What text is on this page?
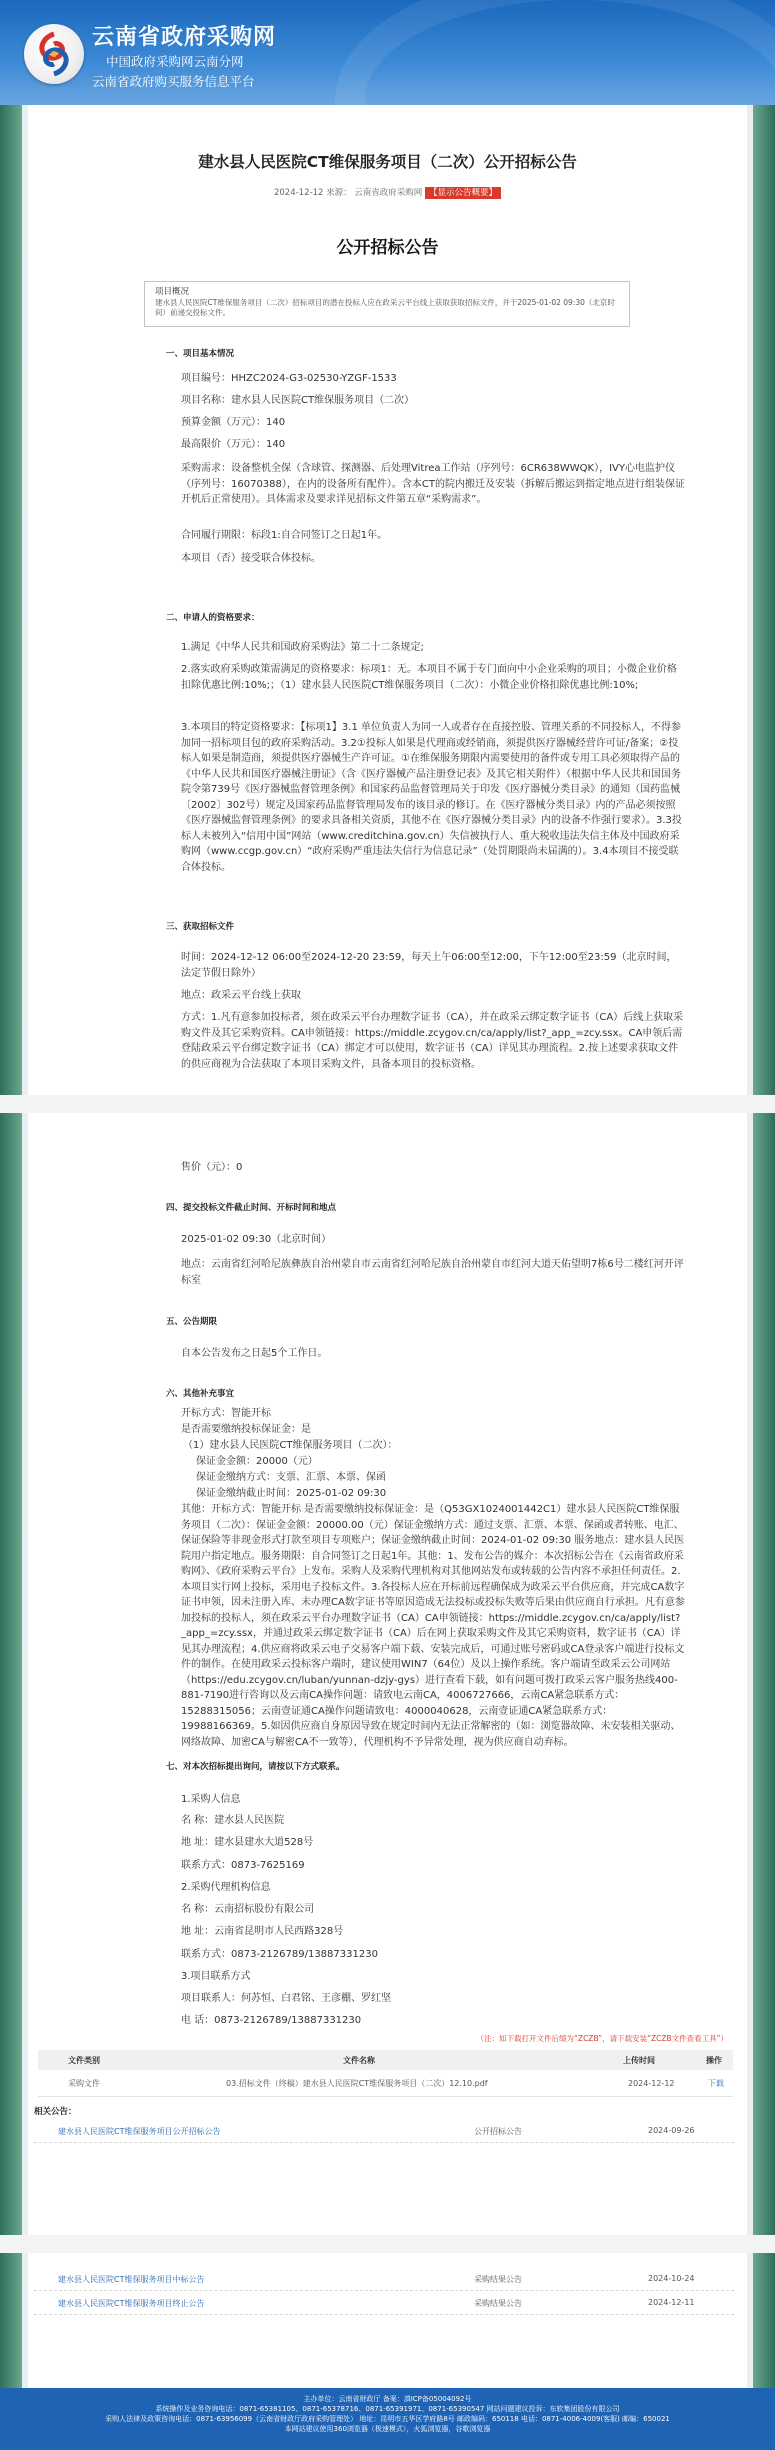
云南省政府采购网
中国政府采购网云南分网
云南省政府购买服务信息平台
建水县人民医院CT维保服务项目（二次）公开招标公告
2024-12-12 来源： 云南省政府采购网 【显示公告概要】
公开招标公告
项目概况
建水县人民医院CT维保服务项目（二次）招标项目的潜在投标人应在政采云平台线上获取获取招标文件，并于2025-01-02 09:30（北京时间）前递交投标文件。
一、项目基本情况
项目编号：HHZC2024-G3-02530-YZGF-1533
项目名称：建水县人民医院CT维保服务项目（二次）
预算金额（万元）：140
最高限价（万元）：140
采购需求：设备整机全保（含球管、探测器、后处理Vitrea工作站（序列号：6CR638WWQK），IVY心电监护仪（序列号：16070388），在内的设备所有配件）。含本CT的院内搬迁及安装（拆解后搬运到指定地点进行组装保证开机后正常使用）。具体需求及要求详见招标文件第五章“采购需求”。
合同履行期限：标段1:自合同签订之日起1年。
本项目（否）接受联合体投标。
二、申请人的资格要求：
1.满足《中华人民共和国政府采购法》第二十二条规定;
2.落实政府采购政策需满足的资格要求：标项1：无。本项目不属于专门面向中小企业采购的项目；小微企业价格扣除优惠比例:10%;；（1）建水县人民医院CT维保服务项目（二次）：小微企业价格扣除优惠比例:10%;
3.本项目的特定资格要求：【标项1】3.1 单位负责人为同一人或者存在直接控股、管理关系的不同投标人，不得参加同一招标项目包的政府采购活动。3.2①投标人如果是代理商或经销商，须提供医疗器械经营许可证/备案；②投标人如果是制造商，须提供医疗器械生产许可证。①在维保服务期限内需要使用的备件或专用工具必须取得产品的《中华人民共和国医疗器械注册证》（含《医疗器械产品注册登记表》及其它相关附件）（根据中华人民共和国国务院令第739号《医疗器械监督管理条例》和国家药品监督管理局关于印发《医疗器械分类目录》的通知（国药监械〔2002〕302号）规定及国家药品监督管理局发布的该目录的修订。在《医疗器械分类目录》内的产品必须按照《医疗器械监督管理条例》的要求具备相关资质，其他不在《医疗器械分类目录》内的设备不作强行要求）。3.3投标人未被列入“信用中国”网站（www.creditchina.gov.cn）失信被执行人、重大税收违法失信主体及中国政府采购网（www.ccgp.gov.cn）“政府采购严重违法失信行为信息记录”（处罚期限尚未届满的）。3.4本项目不接受联合体投标。
三、获取招标文件
时间：2024-12-12 06:00至2024-12-20 23:59，每天上午06:00至12:00，下午12:00至23:59（北京时间，法定节假日除外）
地点：政采云平台线上获取
方式：1.凡有意参加投标者，须在政采云平台办理数字证书（CA），并在政采云绑定数字证书（CA）后线上获取采购文件及其它采购资料。CA申领链接：https://middle.zcygov.cn/ca/apply/list?_app_=zcy.ssx。CA申领后需登陆政采云平台绑定数字证书（CA）绑定才可以使用，数字证书（CA）详见其办理流程。2.按上述要求获取文件的供应商视为合法获取了本项目采购文件，具备本项目的投标资格。
售价（元）：0
四、提交投标文件截止时间、开标时间和地点
2025-01-02 09:30（北京时间）
地点：云南省红河哈尼族彝族自治州蒙自市云南省红河哈尼族自治州蒙自市红河大道天佑望明7栋6号二楼红河开评标室
五、公告期限
自本公告发布之日起5个工作日。
六、其他补充事宜
开标方式：智能开标
是否需要缴纳投标保证金：是
（1）建水县人民医院CT维保服务项目（二次）：
保证金金额：20000（元）
保证金缴纳方式：支票、汇票、本票、保函
保证金缴纳截止时间：2025-01-02 09:30
其他：开标方式：智能开标 是否需要缴纳投标保证金：是（Q53GX1024001442C1）建水县人民医院CT维保服务项目（二次）：保证金金额：20000.00（元）保证金缴纳方式：通过支票、汇票、本票、保函或者转账、电汇、保证保险等非现金形式打款至项目专项账户；保证金缴纳截止时间：2024-01-02 09:30 服务地点：建水县人民医院用户指定地点。服务期限：自合同签订之日起1年。其他：1、发布公告的媒介：本次招标公告在《云南省政府采购网》、《政府采购云平台》上发布。采购人及采购代理机构对其他网站发布或转载的公告内容不承担任何责任。2.本项目实行网上投标，采用电子投标文件。3.各投标人应在开标前远程确保成为政采云平台供应商，并完成CA数字证书申领，因未注册入库、未办理CA数字证书等原因造成无法投标或投标失败等后果由供应商自行承担。凡有意参加投标的投标人，须在政采云平台办理数字证书（CA）CA申领链接：https://middle.zcygov.cn/ca/apply/list?_app_=zcy.ssx，并通过政采云绑定数字证书（CA）后在网上获取采购文件及其它采购资料，数字证书（CA）详见其办理流程；4.供应商将政采云电子交易客户端下载、安装完成后，可通过账号密码或CA登录客户端进行投标文件的制作。在使用政采云投标客户端时，建议使用WIN7（64位）及以上操作系统。客户端请至政采云公司网站（https://edu.zcygov.cn/luban/yunnan-dzjy-gys）进行查看下载，如有问题可拨打政采云客户服务热线400-881-7190进行咨询以及云南CA操作问题：请致电云南CA，4006727666，云南CA紧急联系方式：15288315056；云南壹证通CA操作问题请致电：4000040628，云南壹证通CA紧急联系方式：19988166369。5.如因供应商自身原因导致在规定时间内无法正常解密的（如：浏览器故障、未安装相关驱动、网络故障、加密CA与解密CA不一致等），代理机构不予异常处理，视为供应商自动弃标。
七、对本次招标提出询问，请按以下方式联系。
1.采购人信息
名 称：建水县人民医院
地 址：建水县建水大道528号
联系方式：0873-7625169
2.采购代理机构信息
名 称：云南招标股份有限公司
地 址：云南省昆明市人民西路328号
联系方式：0873-2126789/13887331230
3.项目联系方式
项目联系人：何苏恒、白君铭、王彦棚、罗红坚
电 话：0873-2126789/13887331230
（注：如下载打开文件后缀为“ZCZB”，请下载安装“ZCZB文件查看工具”）
文件类别	文件名称	上传时间	操作
采购文件	03.招标文件（终稿）建水县人民医院CT维保服务项目（二次）12.10.pdf	2024-12-12	下载
相关公告：
建水县人民医院CT维保服务项目公开招标公告	公开招标公告	2024-09-26
建水县人民医院CT维保服务项目中标公告	采购结果公告	2024-10-24
建水县人民医院CT维保服务项目终止公告	采购结果公告	2024-12-11
主办单位：云南省财政厅 备案：滇ICP备05004092号
系统操作及业务咨询电话：0871-65381105、0871-65378716、0871-65391971、0871-65390547 网站问题建议投诉：东软集团股份有限公司
采购人法律及政策咨询电话：0871-63956099（云南省财政厅政府采购管理处） 地址：昆明市五华区学府路8号 邮政编码：650118 电话：0871-4006-4009(客服) 邮编：650021
本网站建议使用360浏览器（极速模式），火狐浏览器，谷歌浏览器
